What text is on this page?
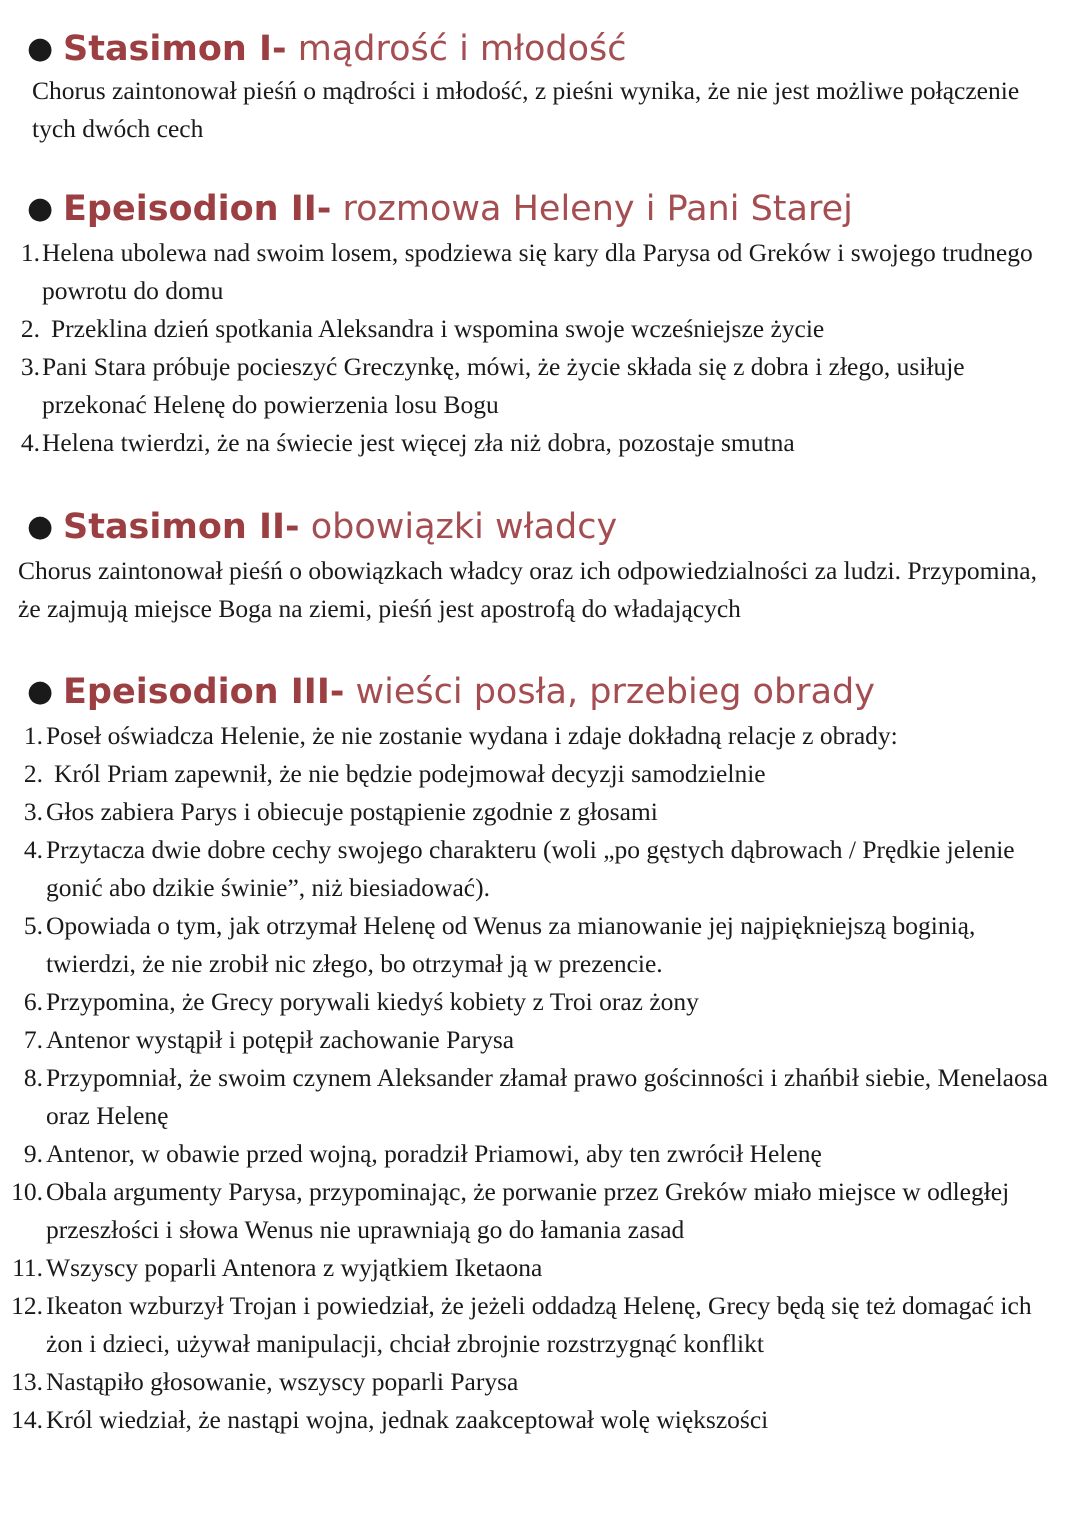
● Stasimon I- mądrość i młodość

Chorus zaintonował pieśń o mądrości i młodość, z pieśni wynika, że nie jest możliwe połączenie tych dwóch cech

● Epeisodion II- rozmowa Heleny i Pani Starej
1. Helena ubolewa nad swoim losem, spodziewa się kary dla Parysa od Greków i swojego trudnego powrotu do domu
2. Przeklina dzień spotkania Aleksandra i wspomina swoje wcześniejsze życie
3. Pani Stara próbuje pocieszyć Greczynkę, mówi, że życie składa się z dobra i złego, usiłuje przekonać Helenę do powierzenia losu Bogu
4. Helena twierdzi, że na świecie jest więcej zła niż dobra, pozostaje smutna
● Stasimon II- obowiązki władcy

Chorus zaintonował pieśń o obowiązkach władcy oraz ich odpowiedzialności za ludzi. Przypomina, że zajmują miejsce Boga na ziemi, pieśń jest apostrofą do władających

● Epeisodion III- wieści posła, przebieg obrady
1. Poseł oświadcza Helenie, że nie zostanie wydana i zdaje dokładną relacje z obrady:
2. Król Priam zapewnił, że nie będzie podejmował decyzji samodzielnie
3. Głos zabiera Parys i obiecuje postąpienie zgodnie z głosami
4. Przytacza dwie dobre cechy swojego charakteru (woli „po gęstych dąbrowach / Prędkie jelenie gonić abo dzikie świnie”, niż biesiadować).
5. Opowiada o tym, jak otrzymał Helenę od Wenus za mianowanie jej najpiękniejszą boginią, twierdzi, że nie zrobił nic złego, bo otrzymał ją w prezencie.
6. Przypomina, że Grecy porywali kiedyś kobiety z Troi oraz żony
7. Antenor wystąpił i potępił zachowanie Parysa
8. Przypomniał, że swoim czynem Aleksander złamał prawo gościnności i zhańbił siebie, Menelaosa oraz Helenę
9. Antenor, w obawie przed wojną, poradził Priamowi, aby ten zwrócił Helenę
10. Obala argumenty Parysa, przypominając, że porwanie przez Greków miało miejsce w odległej przeszłości i słowa Wenus nie uprawniają go do łamania zasad
11. Wszyscy poparli Antenora z wyjątkiem Iketaona
12. Ikeaton wzburzył Trojan i powiedział, że jeżeli oddadzą Helenę, Grecy będą się też domagać ich żon i dzieci, używał manipulacji, chciał zbrojnie rozstrzygnąć konflikt
13. Nastąpiło głosowanie, wszyscy poparli Parysa
14. Król wiedział, że nastąpi wojna, jednak zaakceptował wolę większości
